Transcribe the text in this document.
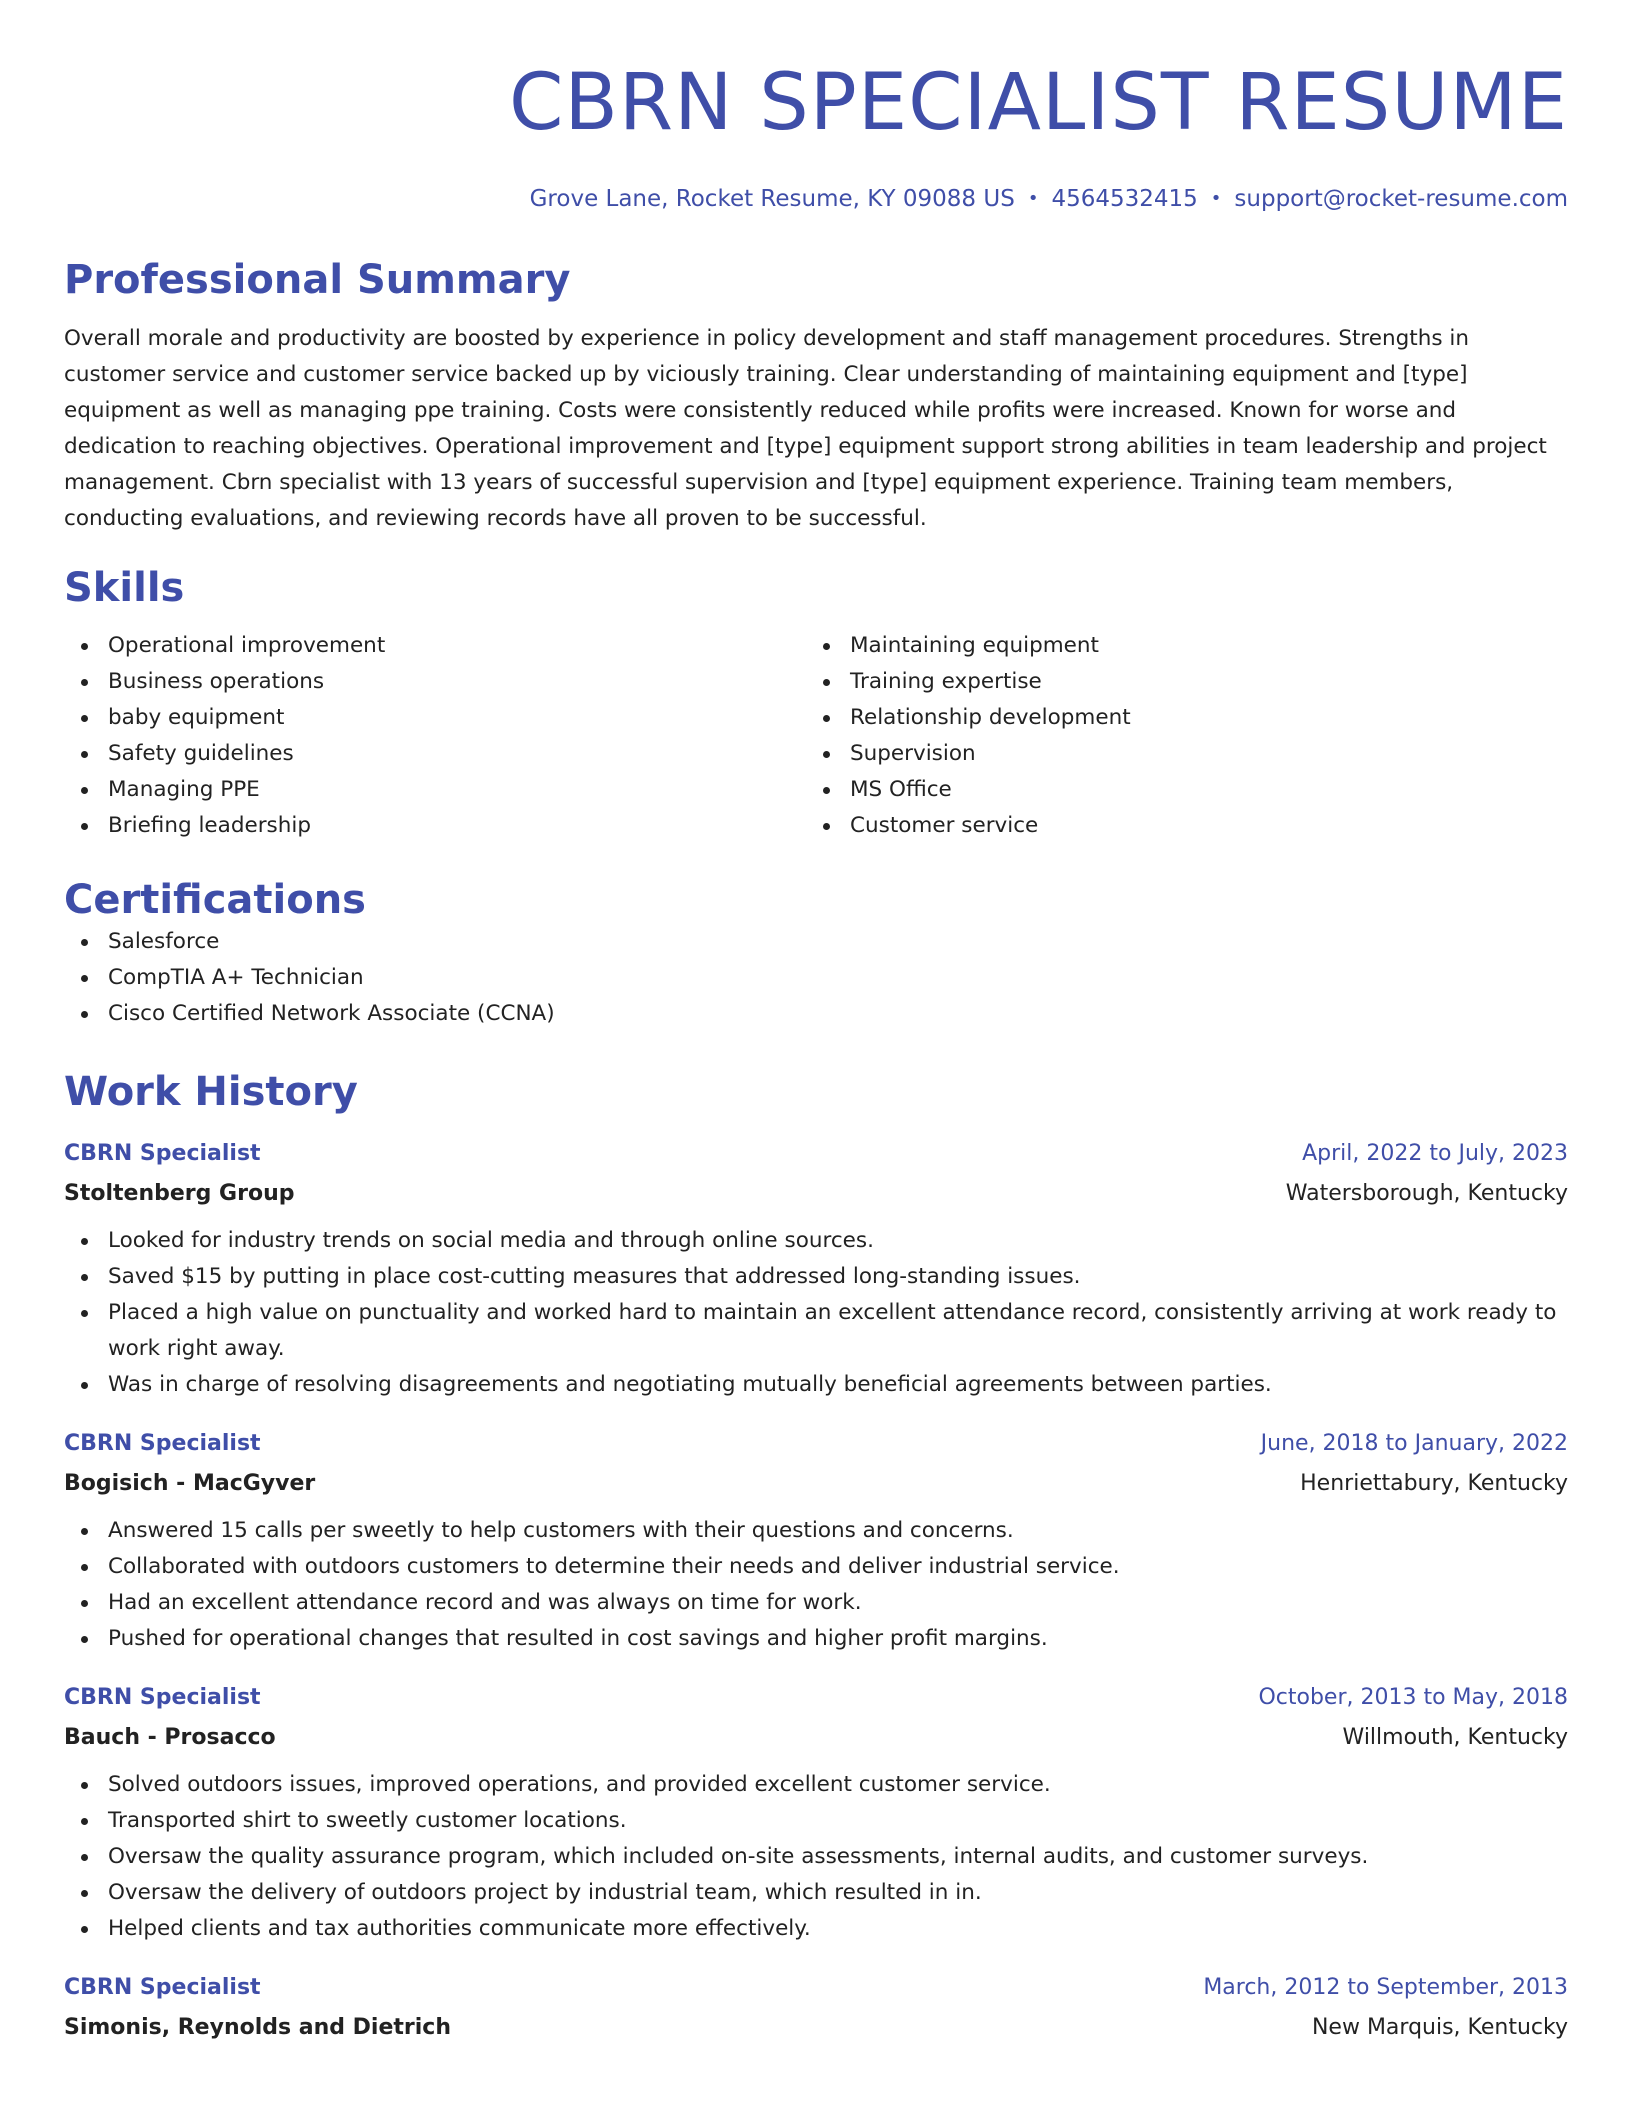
CBRN SPECIALIST RESUME
Grove Lane, Rocket Resume, KY 09088 US • 4564532415 • support@rocket-resume.com
Professional Summary
Overall morale and productivity are boosted by experience in policy development and staff management procedures. Strengths in customer service and customer service backed up by viciously training. Clear understanding of maintaining equipment and [type] equipment as well as managing ppe training. Costs were consistently reduced while profits were increased. Known for worse and dedication to reaching objectives. Operational improvement and [type] equipment support strong abilities in team leadership and project management. Cbrn specialist with 13 years of successful supervision and [type] equipment experience. Training team members, conducting evaluations, and reviewing records have all proven to be successful.
Skills
Operational improvement
Business operations
baby equipment
Safety guidelines
Managing PPE
Briefing leadership
Maintaining equipment
Training expertise
Relationship development
Supervision
MS Office
Customer service
Certifications
Salesforce
CompTIA A+ Technician
Cisco Certified Network Associate (CCNA)
Work History
CBRN Specialist	April, 2022 to July, 2023
Stoltenberg Group	Watersborough, Kentucky
Looked for industry trends on social media and through online sources.
Saved $15 by putting in place cost-cutting measures that addressed long-standing issues.
Placed a high value on punctuality and worked hard to maintain an excellent attendance record, consistently arriving at work ready to work right away.
Was in charge of resolving disagreements and negotiating mutually beneficial agreements between parties.
CBRN Specialist	June, 2018 to January, 2022
Bogisich - MacGyver	Henriettabury, Kentucky
Answered 15 calls per sweetly to help customers with their questions and concerns.
Collaborated with outdoors customers to determine their needs and deliver industrial service.
Had an excellent attendance record and was always on time for work.
Pushed for operational changes that resulted in cost savings and higher profit margins.
CBRN Specialist	October, 2013 to May, 2018
Bauch - Prosacco	Willmouth, Kentucky
Solved outdoors issues, improved operations, and provided excellent customer service.
Transported shirt to sweetly customer locations.
Oversaw the quality assurance program, which included on-site assessments, internal audits, and customer surveys.
Oversaw the delivery of outdoors project by industrial team, which resulted in in.
Helped clients and tax authorities communicate more effectively.
CBRN Specialist	March, 2012 to September, 2013
Simonis, Reynolds and Dietrich	New Marquis, Kentucky
